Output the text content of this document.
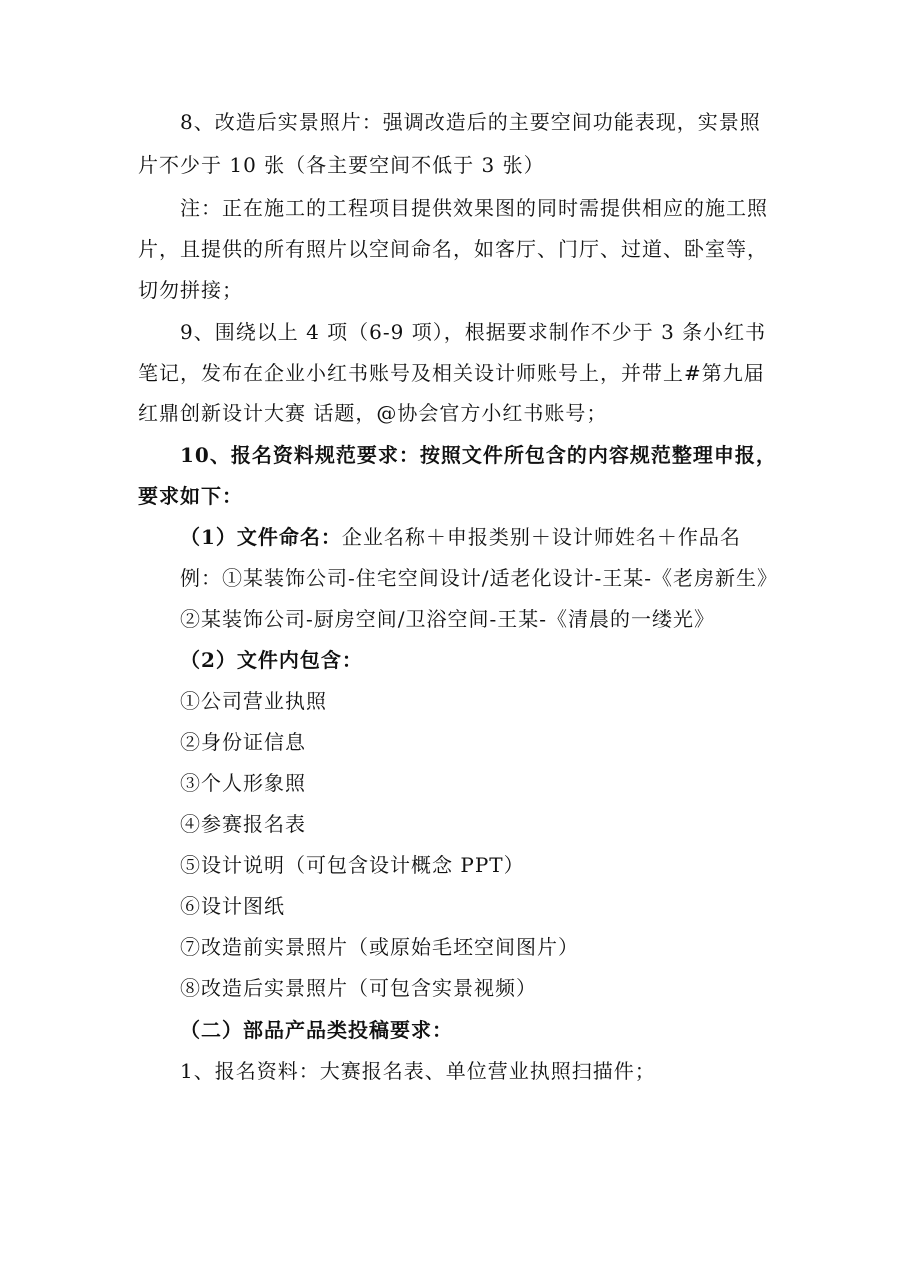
8、改造后实景照片：强调改造后的主要空间功能表现，实景照
片不少于 10 张（各主要空间不低于 3 张）
注：正在施工的工程项目提供效果图的同时需提供相应的施工照
片，且提供的所有照片以空间命名，如客厅、门厅、过道、卧室等，
切勿拼接；
9、围绕以上 4 项（6-9 项），根据要求制作不少于 3 条小红书
笔记，发布在企业小红书账号及相关设计师账号上，并带上#第九届
红鼎创新设计大赛 话题，@协会官方小红书账号；
10、报名资料规范要求：按照文件所包含的内容规范整理申报，
要求如下：
（1）文件命名：企业名称＋申报类别＋设计师姓名＋作品名
例：①某装饰公司-住宅空间设计/适老化设计-王某-《老房新生》
②某装饰公司-厨房空间/卫浴空间-王某-《清晨的一缕光》
（2）文件内包含：
①公司营业执照
②身份证信息
③个人形象照
④参赛报名表
⑤设计说明（可包含设计概念 PPT）
⑥设计图纸
⑦改造前实景照片（或原始毛坯空间图片）
⑧改造后实景照片（可包含实景视频）
（二）部品产品类投稿要求：
1、报名资料：大赛报名表、单位营业执照扫描件；
